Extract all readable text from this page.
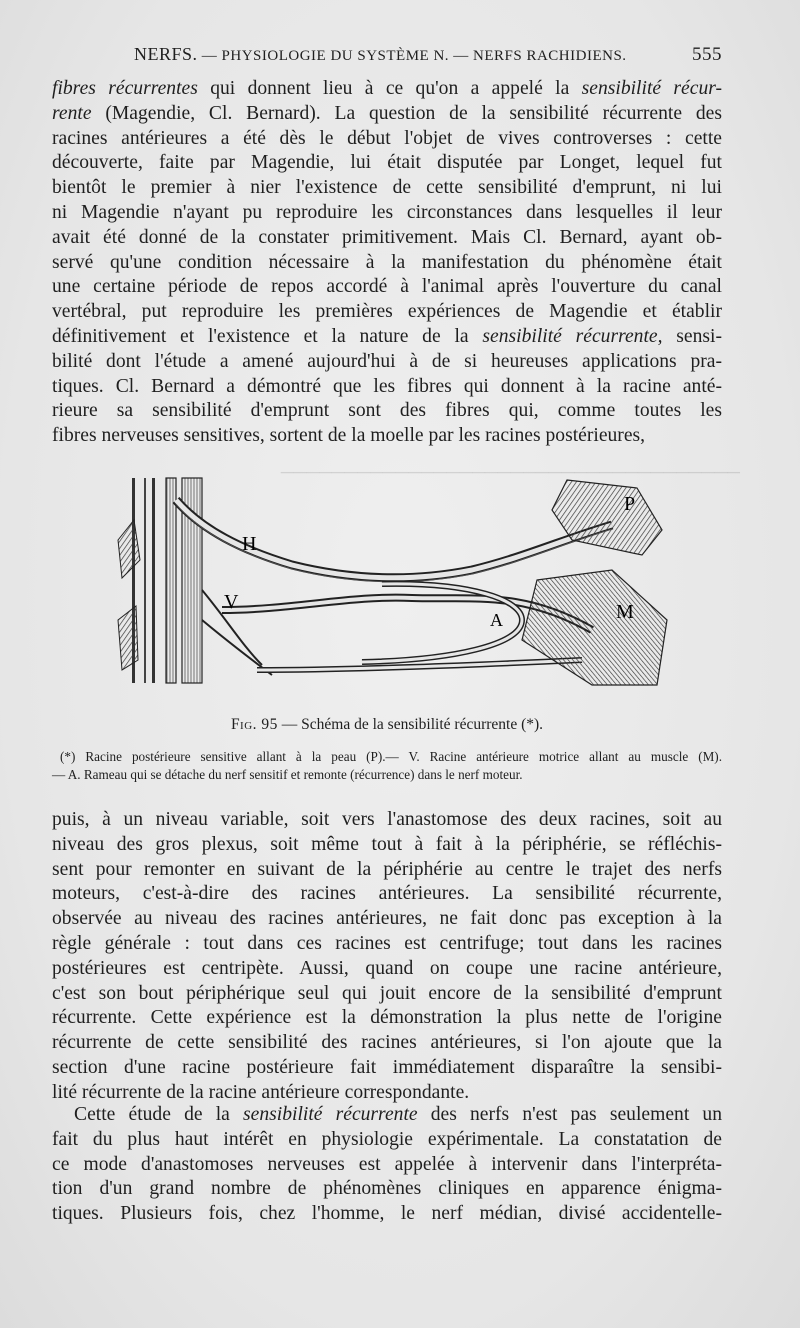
────────────────────────────────────

NERFS. — PHYSIOLOGIE DU SYSTÈME N. — NERFS RACHIDIENS.	555

fibres récurrentes qui donnent lieu à ce qu'on a appelé la sensibilité récur-
rente (Magendie, Cl. Bernard). La question de la sensibilité récurrente des
racines antérieures a été dès le début l'objet de vives controverses : cette
découverte, faite par Magendie, lui était disputée par Longet, lequel fut
bientôt le premier à nier l'existence de cette sensibilité d'emprunt, ni lui
ni Magendie n'ayant pu reproduire les circonstances dans lesquelles il leur
avait été donné de la constater primitivement. Mais Cl. Bernard, ayant ob-
servé qu'une condition nécessaire à la manifestation du phénomène était
une certaine période de repos accordé à l'animal après l'ouverture du canal
vertébral, put reproduire les premières expériences de Magendie et établir
définitivement et l'existence et la nature de la sensibilité récurrente, sensi-
bilité dont l'étude a amené aujourd'hui à de si heureuses applications pra-
tiques. Cl. Bernard a démontré que les fibres qui donnent à la racine anté-
rieure sa sensibilité d'emprunt sont des fibres qui, comme toutes les
fibres nerveuses sensitives, sortent de la moelle par les racines postérieures,

H
V
A
P
M
Fig. 95 — Schéma de la sensibilité récurrente (*).

(*) Racine postérieure sensitive allant à la peau (P).— V. Racine antérieure motrice allant au muscle (M).
— A. Rameau qui se détache du nerf sensitif et remonte (récurrence) dans le nerf moteur.

puis, à un niveau variable, soit vers l'anastomose des deux racines, soit au
niveau des gros plexus, soit même tout à fait à la périphérie, se réfléchis-
sent pour remonter en suivant de la périphérie au centre le trajet des nerfs
moteurs, c'est-à-dire des racines antérieures. La sensibilité récurrente,
observée au niveau des racines antérieures, ne fait donc pas exception à la
règle générale : tout dans ces racines est centrifuge; tout dans les racines
postérieures est centripète. Aussi, quand on coupe une racine antérieure,
c'est son bout périphérique seul qui jouit encore de la sensibilité d'emprunt
récurrente. Cette expérience est la démonstration la plus nette de l'origine
récurrente de cette sensibilité des racines antérieures, si l'on ajoute que la
section d'une racine postérieure fait immédiatement disparaître la sensibi-
lité récurrente de la racine antérieure correspondante.

Cette étude de la sensibilité récurrente des nerfs n'est pas seulement un
fait du plus haut intérêt en physiologie expérimentale. La constatation de
ce mode d'anastomoses nerveuses est appelée à intervenir dans l'interpréta-
tion d'un grand nombre de phénomènes cliniques en apparence énigma-
tiques. Plusieurs fois, chez l'homme, le nerf médian, divisé accidentelle-
